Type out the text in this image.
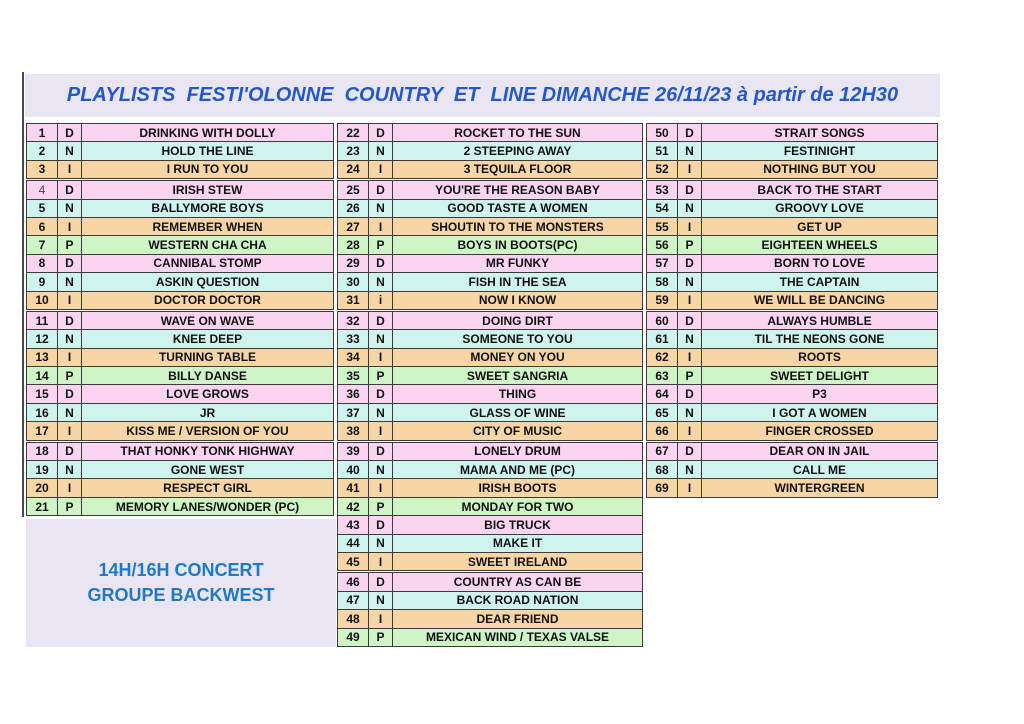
PLAYLISTS  FESTI'OLONNE  COUNTRY  ET  LINE DIMANCHE 26/11/23 à partir de 12H30
1	D	DRINKING WITH DOLLY
2	N	HOLD THE LINE
3	I	I RUN TO YOU
4	D	IRISH STEW
5	N	BALLYMORE BOYS
6	I	REMEMBER WHEN
7	P	WESTERN CHA CHA
8	D	CANNIBAL STOMP
9	N	ASKIN QUESTION
10	I	DOCTOR DOCTOR
11	D	WAVE ON WAVE
12	N	KNEE DEEP
13	I	TURNING TABLE
14	P	BILLY DANSE
15	D	LOVE GROWS
16	N	JR
17	I	KISS ME / VERSION OF YOU
18	D	THAT HONKY TONK HIGHWAY
19	N	GONE WEST
20	I	RESPECT GIRL
21	P	MEMORY LANES/WONDER (PC)
22	D	ROCKET TO THE SUN
23	N	2 STEEPING AWAY
24	I	3 TEQUILA FLOOR
25	D	YOU'RE THE REASON BABY
26	N	GOOD TASTE A WOMEN
27	I	SHOUTIN TO THE MONSTERS
28	P	BOYS IN BOOTS(PC)
29	D	MR FUNKY
30	N	FISH IN THE SEA
31	i	NOW I KNOW
32	D	DOING DIRT
33	N	SOMEONE TO YOU
34	I	MONEY ON YOU
35	P	SWEET SANGRIA
36	D	THING
37	N	GLASS OF WINE
38	I	CITY OF MUSIC
39	D	LONELY DRUM
40	N	MAMA AND ME (PC)
41	I	IRISH BOOTS
42	P	MONDAY FOR TWO
43	D	BIG TRUCK
44	N	MAKE IT
45	I	SWEET IRELAND
46	D	COUNTRY AS CAN BE
47	N	BACK ROAD NATION
48	I	DEAR FRIEND
49	P	MEXICAN WIND / TEXAS VALSE
50	D	STRAIT SONGS
51	N	FESTINIGHT
52	I	NOTHING BUT YOU
53	D	BACK TO THE START
54	N	GROOVY LOVE
55	I	GET UP
56	P	EIGHTEEN WHEELS
57	D	BORN TO LOVE
58	N	THE CAPTAIN
59	I	WE WILL BE DANCING
60	D	ALWAYS HUMBLE
61	N	TIL THE NEONS GONE
62	I	ROOTS
63	P	SWEET DELIGHT
64	D	P3
65	N	I GOT A WOMEN
66	I	FINGER CROSSED
67	D	DEAR ON IN JAIL
68	N	CALL ME
69	I	WINTERGREEN
14H/16H CONCERT
GROUPE BACKWEST
